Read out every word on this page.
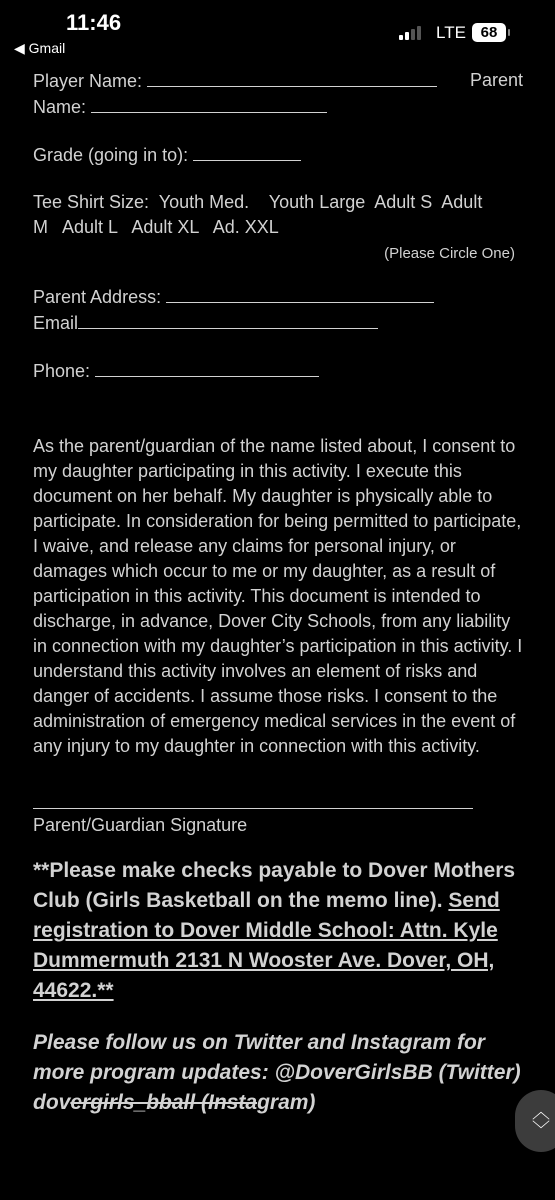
11:46
◀ Gmail
LTE 68

Player Name:	Parent

Name:

Grade (going in to):

Tee Shirt Size:  Youth Med.    Youth Large  Adult S  Adult

M   Adult L   Adult XL   Ad. XXL

(Please Circle One)

Parent Address:

Email

Phone:

As the parent/guardian of the name listed about, I consent to my daughter participating in this activity. I execute this document on her behalf. My daughter is physically able to participate. In consideration for being permitted to participate, I waive, and release any claims for personal injury, or damages which occur to me or my daughter, as a result of participation in this activity. This document is intended to discharge, in advance, Dover City Schools, from any liability in connection with my daughter’s participation in this activity. I understand this activity involves an element of risks and danger of accidents. I assume those risks. I consent to the administration of emergency medical services in the event of any injury to my daughter in connection with this activity.

Parent/Guardian Signature

**Please make checks payable to Dover Mothers Club (Girls Basketball on the memo line). Send registration to Dover Middle School: Attn. Kyle Dummermuth 2131 N Wooster Ave. Dover, OH, 44622.**

Please follow us on Twitter and Instagram for more program updates: @DoverGirlsBB (Twitter) dovergirls_bball (Instagram)	︿
﹀
